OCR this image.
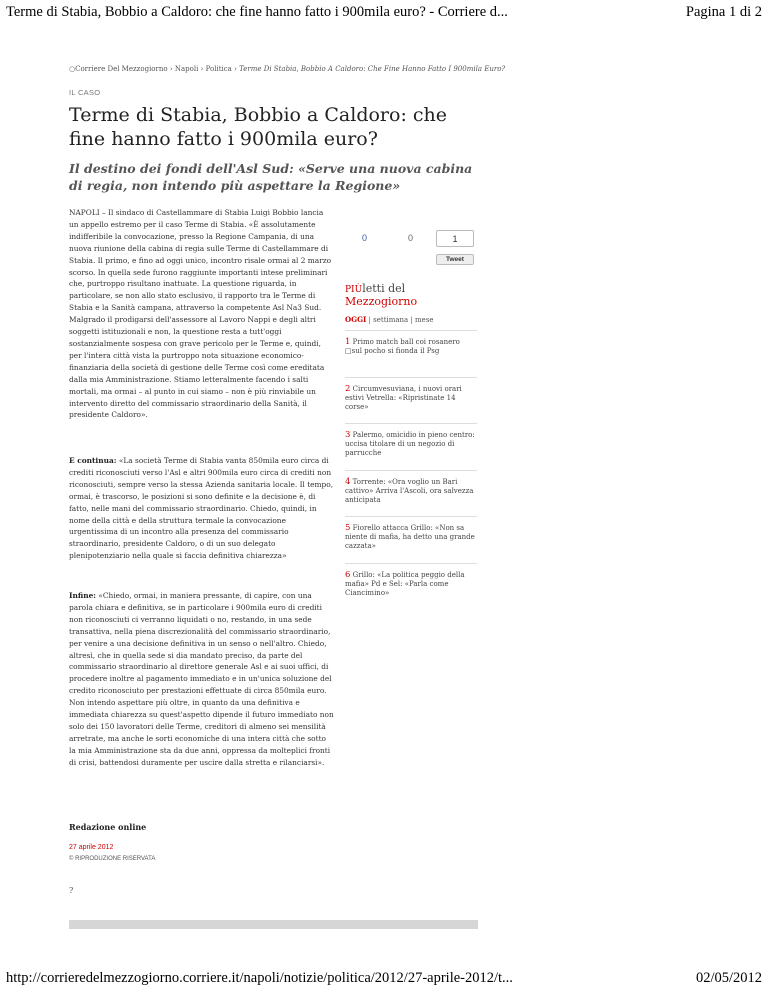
Terme di Stabia, Bobbio a Caldoro: che fine hanno fatto i 900mila euro? - Corriere d...	Pagina 1 di 2
○Corriere Del Mezzogiorno › Napoli › Politica › Terme Di Stabia, Bobbio A Caldoro: Che Fine Hanno Fatto I 900mila Euro?
IL CASO
Terme di Stabia, Bobbio a Caldoro: che fine hanno fatto i 900mila euro?
Il destino dei fondi dell'Asl Sud: «Serve una nuova cabina di regia, non intendo più aspettare la Regione»

NAPOLI – Il sindaco di Castellammare di Stabia Luigi Bobbio lancia un appello estremo per il caso Terme di Stabia. «È assolutamente indifferibile la convocazione, presso la Regione Campania, di una nuova riunione della cabina di regia sulle Terme di Castellammare di Stabia. Il primo, e fino ad oggi unico, incontro risale ormai al 2 marzo scorso. In quella sede furono raggiunte importanti intese preliminari che, purtroppo risultano inattuate. La questione riguarda, in particolare, se non allo stato esclusivo, il rapporto tra le Terme di Stabia e la Sanità campana, attraverso la competente Asl Na3 Sud. Malgrado il prodigarsi dell'assessore al Lavoro Nappi e degli altri soggetti istituzionali e non, la questione resta a tutt'oggi sostanzialmente sospesa con grave pericolo per le Terme e, quindi, per l'intera città vista la purtroppo nota situazione economico-finanziaria della società di gestione delle Terme così come ereditata dalla mia Amministrazione. Stiamo letteralmente facendo i salti mortali, ma ormai – al punto in cui siamo – non è più rinviabile un intervento diretto del commissario straordinario della Sanità, il presidente Caldoro».

E continua: «La società Terme di Stabia vanta 850mila euro circa di crediti riconosciuti verso l'Asl e altri 900mila euro circa di crediti non riconosciuti, sempre verso la stessa Azienda sanitaria locale. Il tempo, ormai, è trascorso, le posizioni si sono definite e la decisione è, di fatto, nelle mani del commissario straordinario. Chiedo, quindi, in nome della città e della struttura termale la convocazione urgentissima di un incontro alla presenza del commissario straordinario, presidente Caldoro, o di un suo delegato plenipotenziario nella quale si faccia definitiva chiarezza»

Infine: «Chiedo, ormai, in maniera pressante, di capire, con una parola chiara e definitiva, se in particolare i 900mila euro di crediti non riconosciuti ci verranno liquidati o no, restando, in una sede transattiva, nella piena discrezionalità del commissario straordinario, per venire a una decisione definitiva in un senso o nell'altro. Chiedo, altresì, che in quella sede si dia mandato preciso, da parte del commissario straordinario al direttore generale Asl e ai suoi uffici, di procedere inoltre al pagamento immediato e in un'unica soluzione del credito riconosciuto per prestazioni effettuate di circa 850mila euro. Non intendo aspettare più oltre, in quanto da una definitiva e immediata chiarezza su quest'aspetto dipende il futuro immediato non solo dei 150 lavoratori delle Terme, creditori di almeno sei mensilità arretrate, ma anche le sorti economiche di una intera città che sotto la mia Amministrazione sta da due anni, oppressa da molteplici fronti di crisi, battendosi duramente per uscire dalla stretta e rilanciarsi».

Redazione online
27 aprile 2012
© RIPRODUZIONE RISERVATA
?
0	0	1
Tweet
PIÙletti del Mezzogiorno
OGGI | settimana | mese
1 Primo match ball coi rosanero □sul pocho si fionda il Psg
2 Circumvesuviana, i nuovi orari estivi Vetrella: «Ripristinate 14 corse»
3 Palermo, omicidio in pieno centro: uccisa titolare di un negozio di parrucche
4 Torrente: «Ora voglio un Bari cattivo» Arriva l'Ascoli, ora salvezza anticipata
5 Fiorello attacca Grillo: «Non sa niente di mafia, ha detto una grande cazzata»
6 Grillo: «La politica peggio della mafia» Pd e Sel: «Parla come Ciancimino»
http://corrieredelmezzogiorno.corriere.it/napoli/notizie/politica/2012/27-aprile-2012/t...	02/05/2012
